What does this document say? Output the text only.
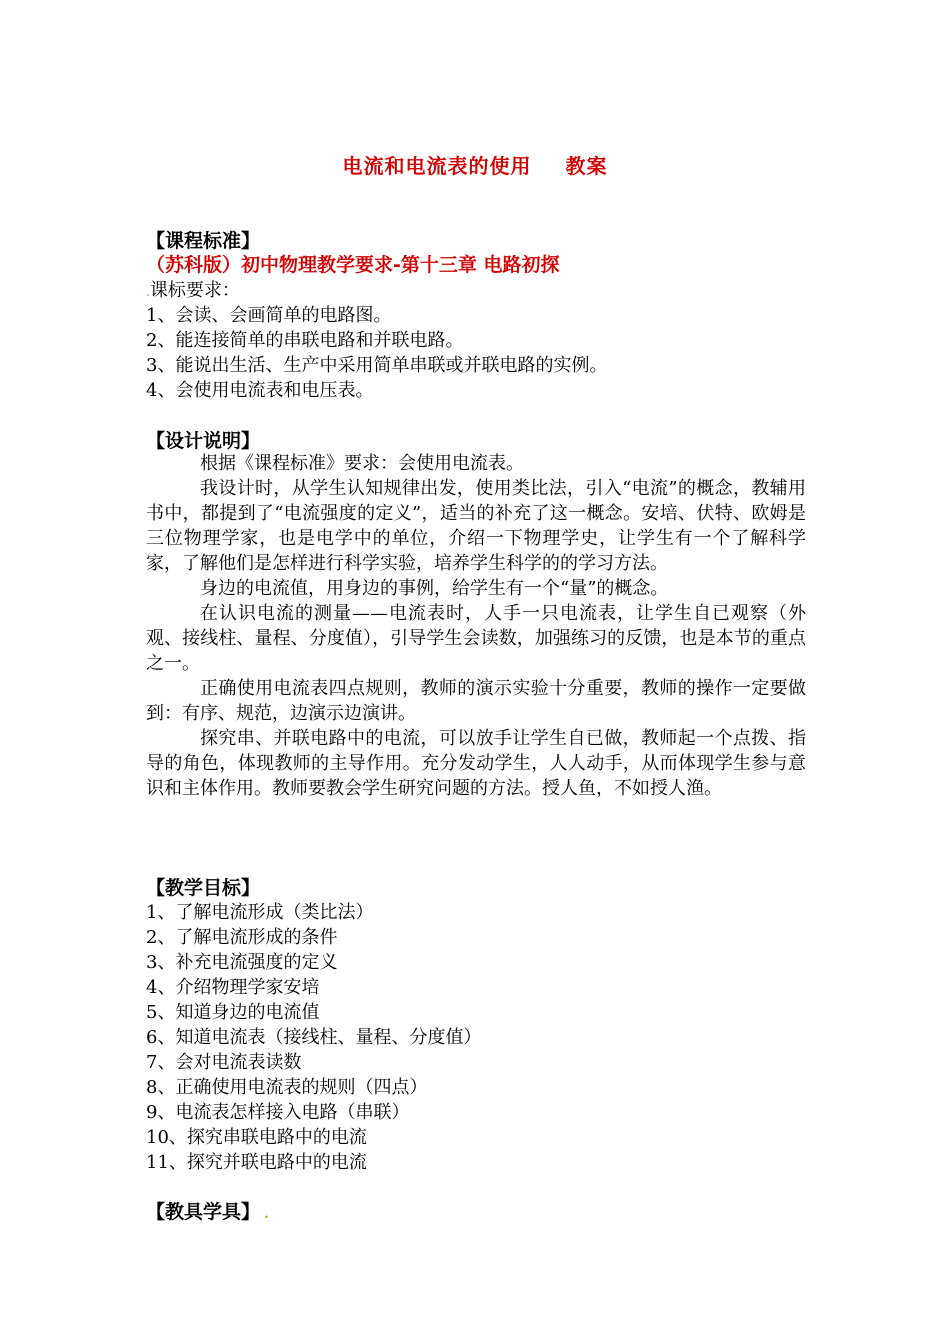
电流和电流表的使用 教案
【课程标准】
（苏科版）初中物理教学要求-第十三章 电路初探
.课标要求：
1、会读、会画简单的电路图。
2、能连接简单的串联电路和并联电路。
3、能说出生活、生产中采用简单串联或并联电路的实例。
4、会使用电流表和电压表。
【设计说明】

根据《课程标准》要求：会使用电流表。

我设计时，从学生认知规律出发，使用类比法，引入“电流”的概念，教辅用书中，都提到了“电流强度的定义”，适当的补充了这一概念。安培、伏特、欧姆是三位物理学家，也是电学中的单位，介绍一下物理学史，让学生有一个了解科学家，了解他们是怎样进行科学实验，培养学生科学的的学习方法。

身边的电流值，用身边的事例，给学生有一个“量”的概念。

在认识电流的测量——电流表时，人手一只电流表，让学生自已观察（外观、接线柱、量程、分度值），引导学生会读数，加强练习的反馈，也是本节的重点之一。

正确使用电流表四点规则，教师的演示实验十分重要，教师的操作一定要做到：有序、规范，边演示边演讲。

探究串、并联电路中的电流，可以放手让学生自已做，教师起一个点拨、指导的角色，体现教师的主导作用。充分发动学生，人人动手，从而体现学生参与意识和主体作用。教师要教会学生研究问题的方法。授人鱼，不如授人渔。

【教学目标】
1、了解电流形成（类比法）
2、了解电流形成的条件
3、补充电流强度的定义
4、介绍物理学家安培
5、知道身边的电流值
6、知道电流表（接线柱、量程、分度值）
7、会对电流表读数
8、正确使用电流表的规则（四点）
9、电流表怎样接入电路（串联）
10、探究串联电路中的电流
11、探究并联电路中的电流
【教具学具】 .
